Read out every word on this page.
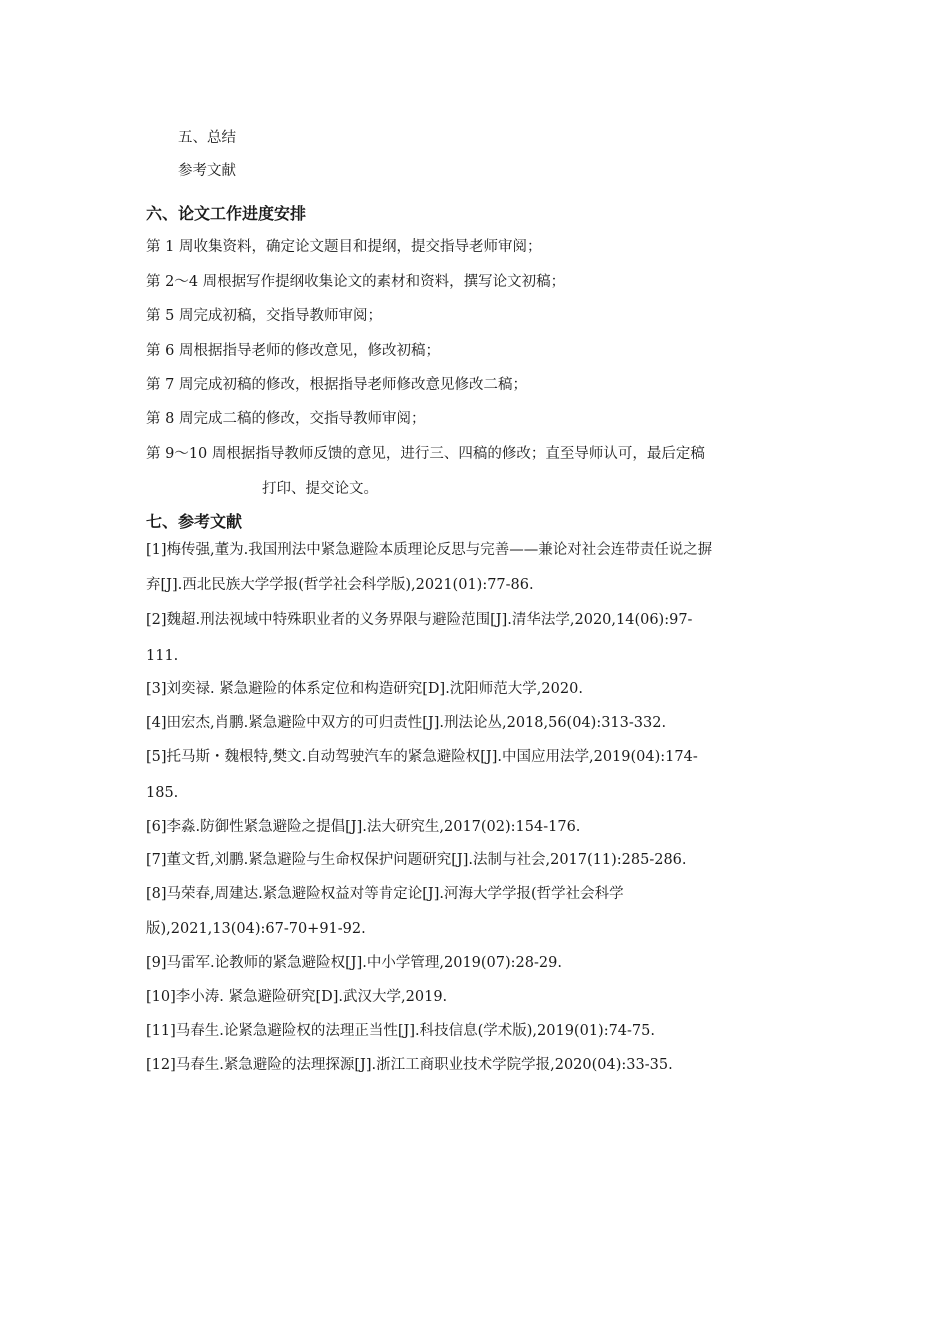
五、总结
参考文献
六、论文工作进度安排
第 1 周收集资料，确定论文题目和提纲，提交指导老师审阅；
第 2～4 周根据写作提纲收集论文的素材和资料，撰写论文初稿；
第 5 周完成初稿，交指导教师审阅；
第 6 周根据指导老师的修改意见，修改初稿；
第 7 周完成初稿的修改，根据指导老师修改意见修改二稿；
第 8 周完成二稿的修改，交指导教师审阅；
第 9～10 周根据指导教师反馈的意见，进行三、四稿的修改；直至导师认可，最后定稿
打印、提交论文。
七、参考文献
[1]梅传强,董为.我国刑法中紧急避险本质理论反思与完善——兼论对社会连带责任说之摒
弃[J].西北民族大学学报(哲学社会科学版),2021(01):77-86.
[2]魏超.刑法视域中特殊职业者的义务界限与避险范围[J].清华法学,2020,14(06):97-
111.
[3]刘奕禄. 紧急避险的体系定位和构造研究[D].沈阳师范大学,2020.
[4]田宏杰,肖鹏.紧急避险中双方的可归责性[J].刑法论丛,2018,56(04):313-332.
[5]托马斯・魏根特,樊文.自动驾驶汽车的紧急避险权[J].中国应用法学,2019(04):174-
185.
[6]李淼.防御性紧急避险之提倡[J].法大研究生,2017(02):154-176.
[7]董文哲,刘鹏.紧急避险与生命权保护问题研究[J].法制与社会,2017(11):285-286.
[8]马荣春,周建达.紧急避险权益对等肯定论[J].河海大学学报(哲学社会科学
版),2021,13(04):67-70+91-92.
[9]马雷军.论教师的紧急避险权[J].中小学管理,2019(07):28-29.
[10]李小涛. 紧急避险研究[D].武汉大学,2019.
[11]马春生.论紧急避险权的法理正当性[J].科技信息(学术版),2019(01):74-75.
[12]马春生.紧急避险的法理探源[J].浙江工商职业技术学院学报,2020(04):33-35.
